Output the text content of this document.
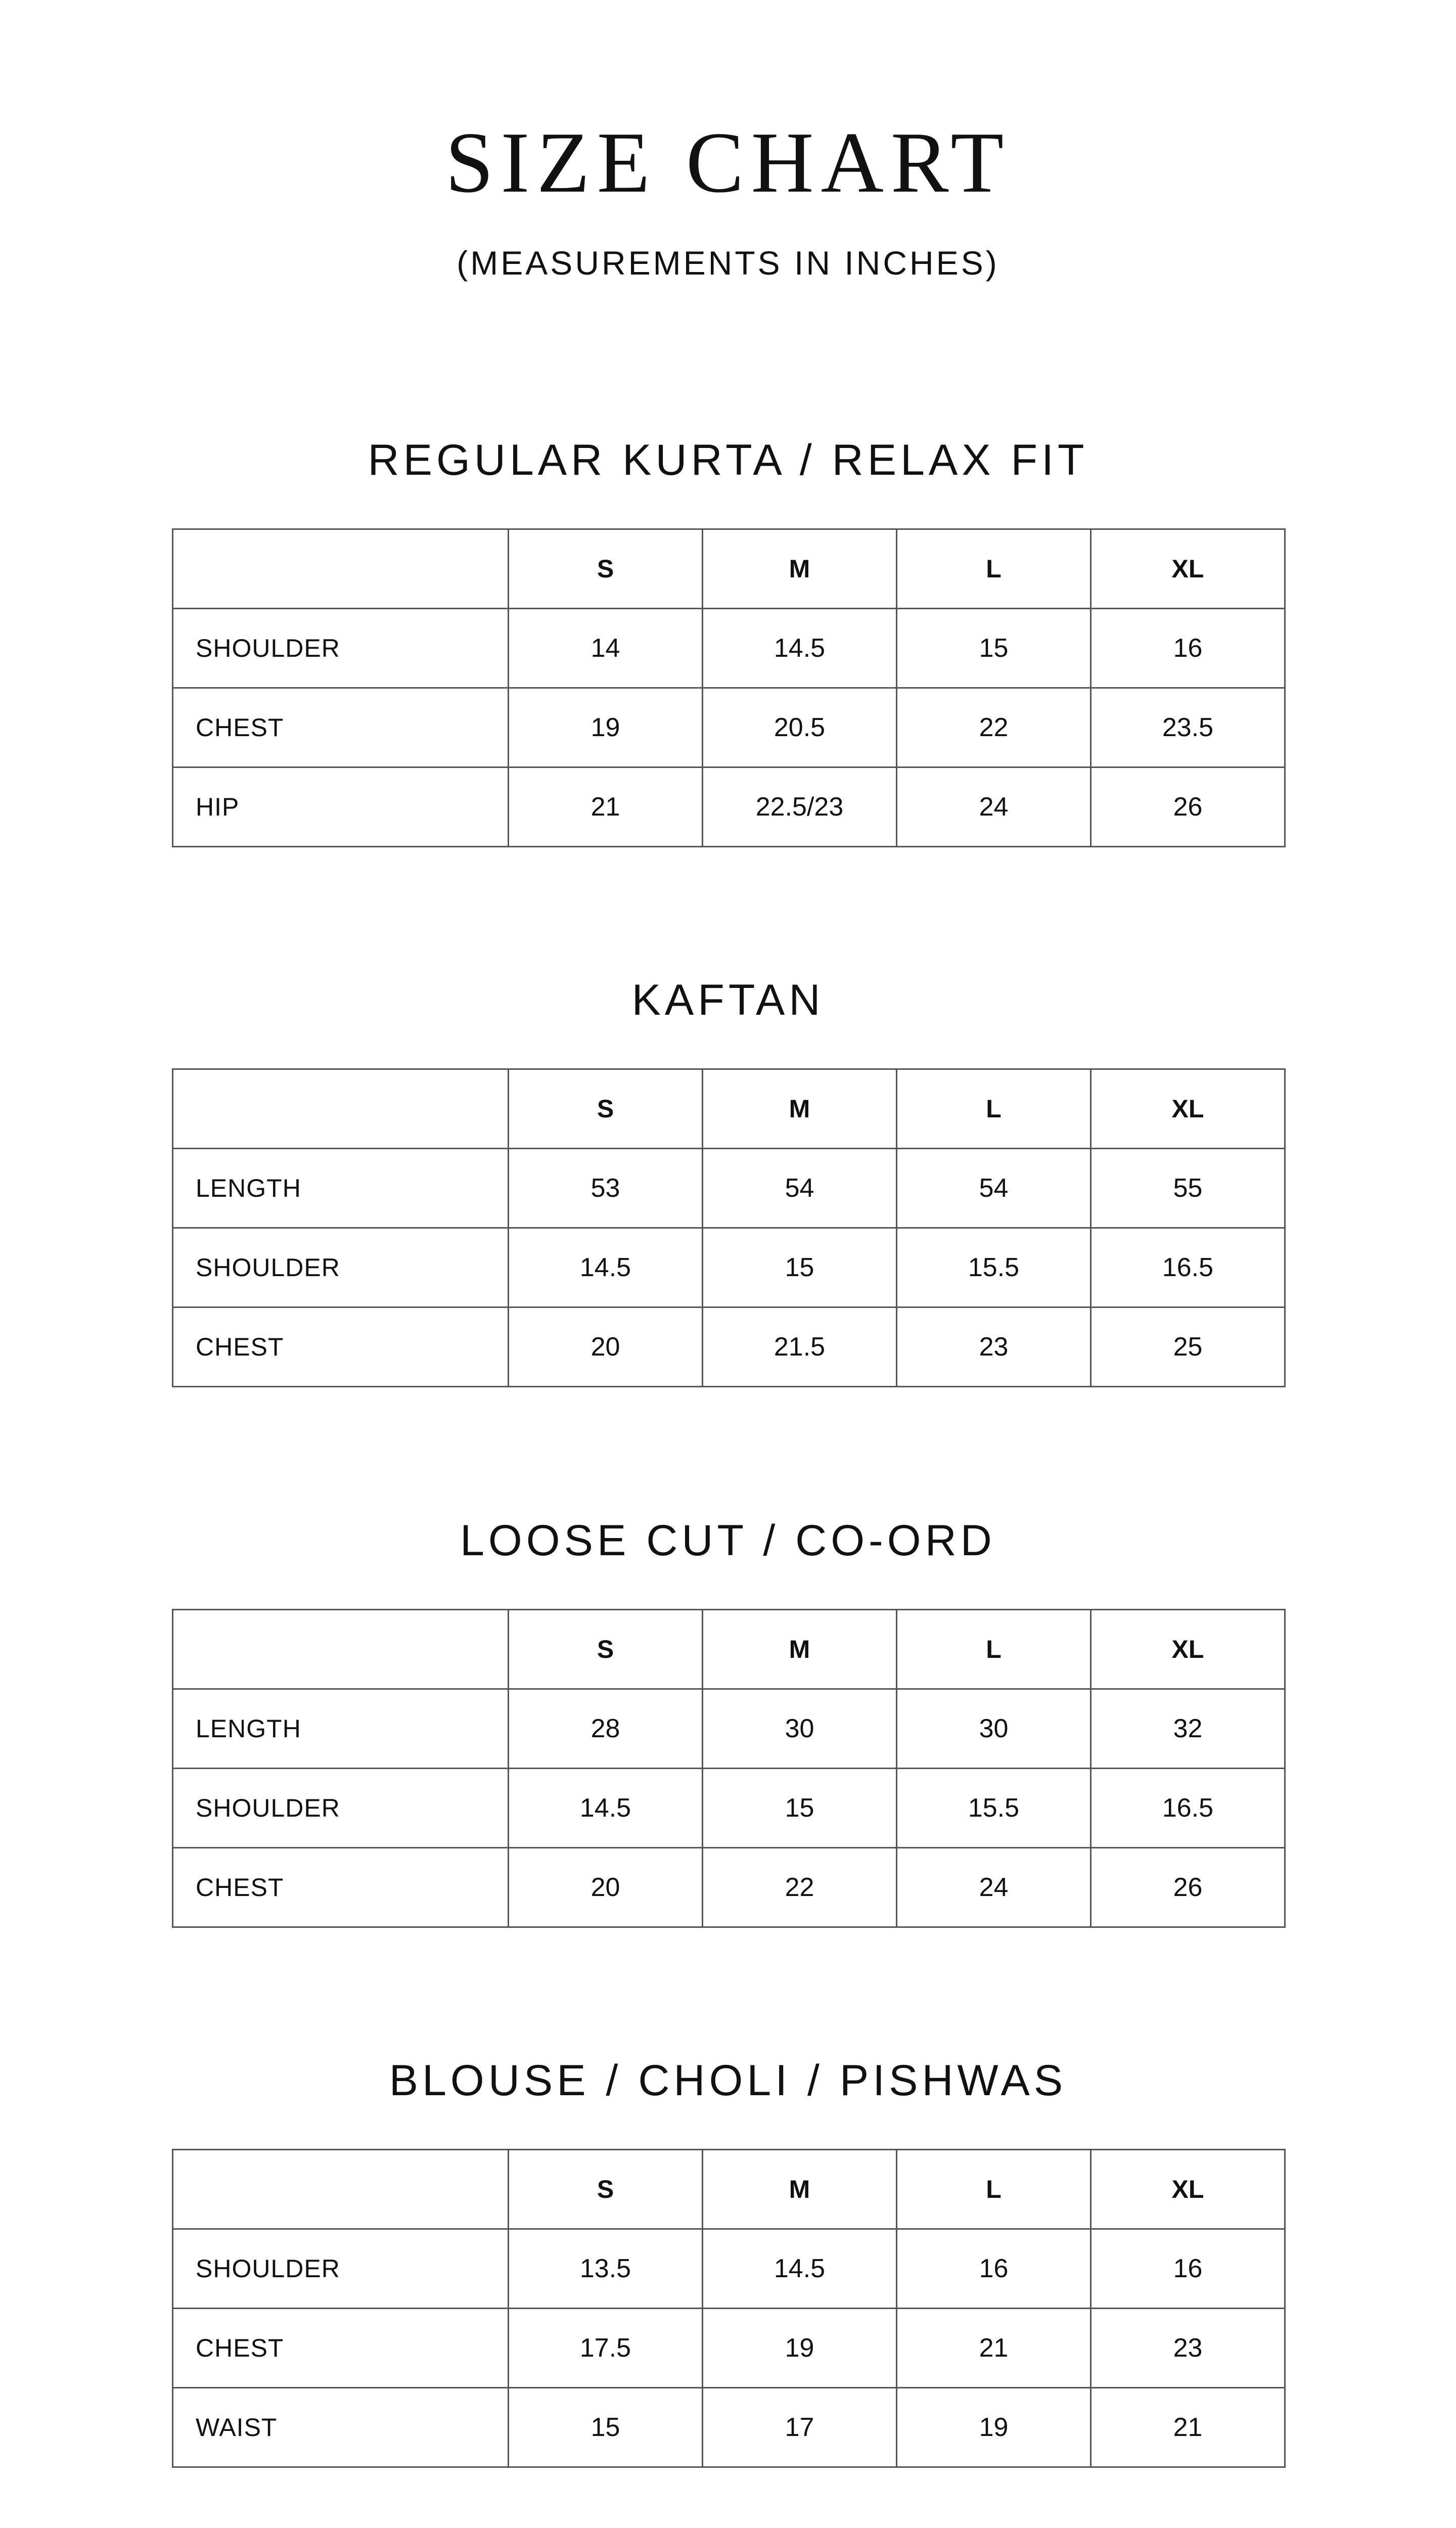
SIZE CHART

(MEASUREMENTS IN INCHES)

REGULAR KURTA / RELAX FIT
	S	M	L	XL
SHOULDER	14	14.5	15	16
CHEST	19	20.5	22	23.5
HIP	21	22.5/23	24	26
KAFTAN
	S	M	L	XL
LENGTH	53	54	54	55
SHOULDER	14.5	15	15.5	16.5
CHEST	20	21.5	23	25
LOOSE CUT / CO-ORD
	S	M	L	XL
LENGTH	28	30	30	32
SHOULDER	14.5	15	15.5	16.5
CHEST	20	22	24	26
BLOUSE / CHOLI / PISHWAS
	S	M	L	XL
SHOULDER	13.5	14.5	16	16
CHEST	17.5	19	21	23
WAIST	15	17	19	21
